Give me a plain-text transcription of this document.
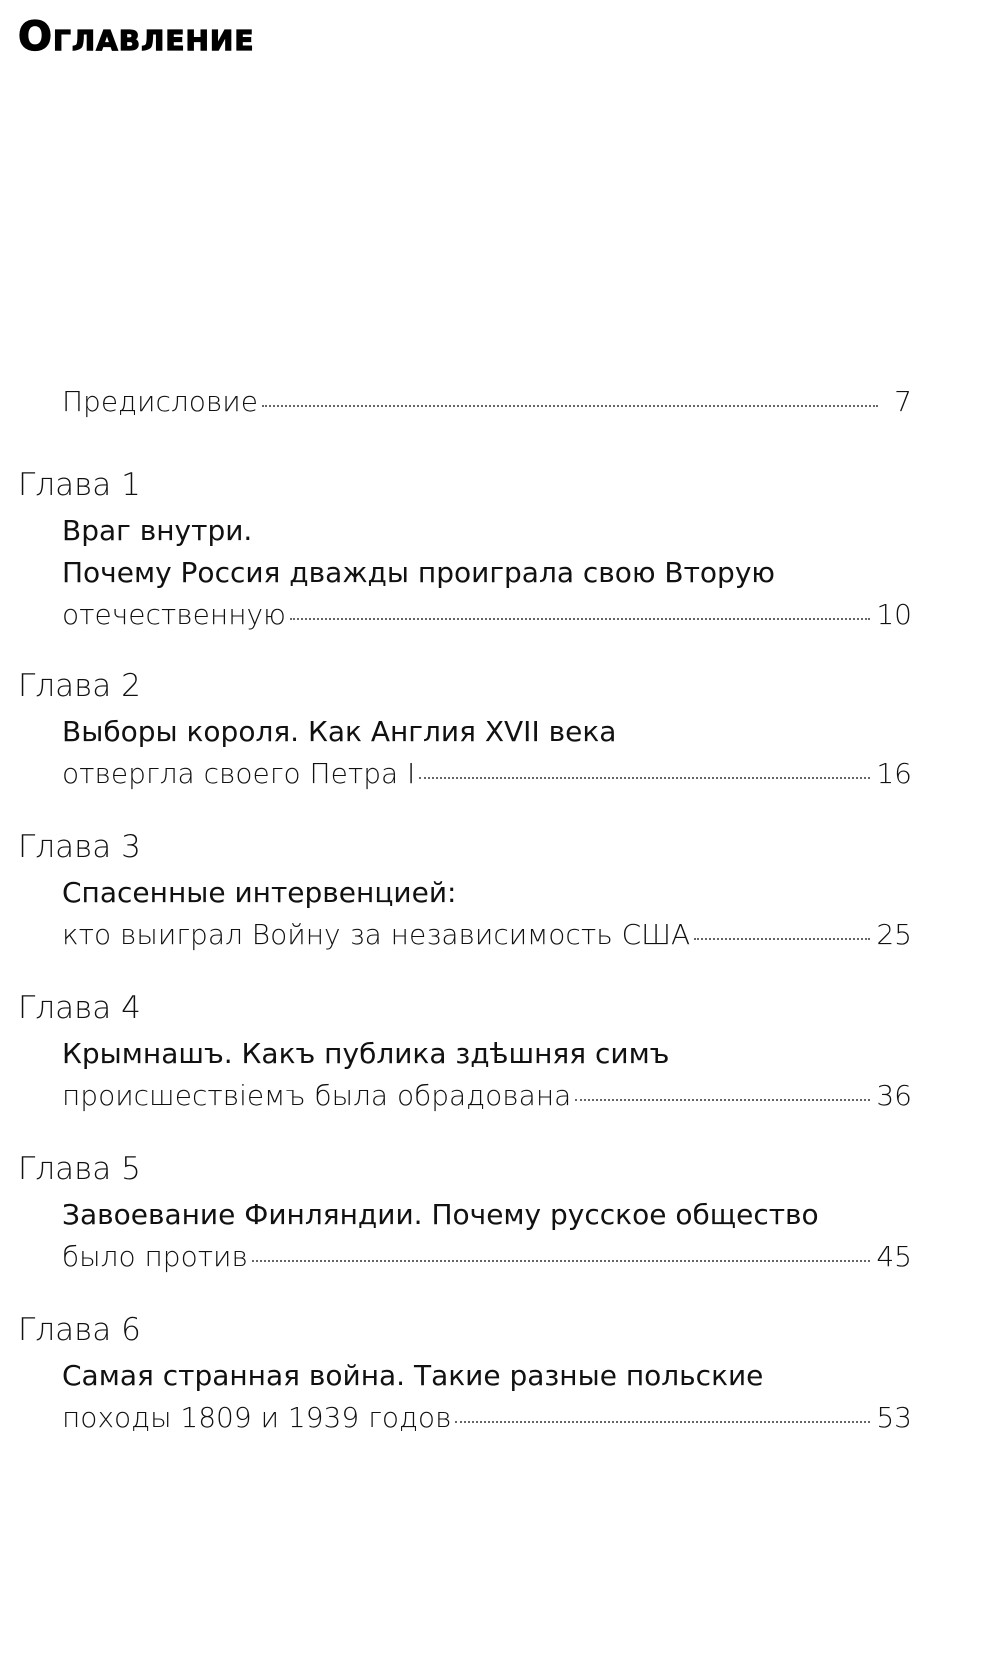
Оглавление
Предисловие	7
Глава 1
Враг внутри.
Почему Россия дважды проиграла свою Вторую
отечественную	10
Глава 2
Выборы короля. Как Англия XVII века
отвергла своего Петра I	16
Глава 3
Спасенные интервенцией:
кто выиграл Войну за независимость США	25
Глава 4
Крымнашъ. Какъ публика здѣшняя симъ
происшествiемъ была обрадована	36
Глава 5
Завоевание Финляндии. Почему русское общество
было против	45
Глава 6
Самая странная война. Такие разные польские
походы 1809 и 1939 годов	53
